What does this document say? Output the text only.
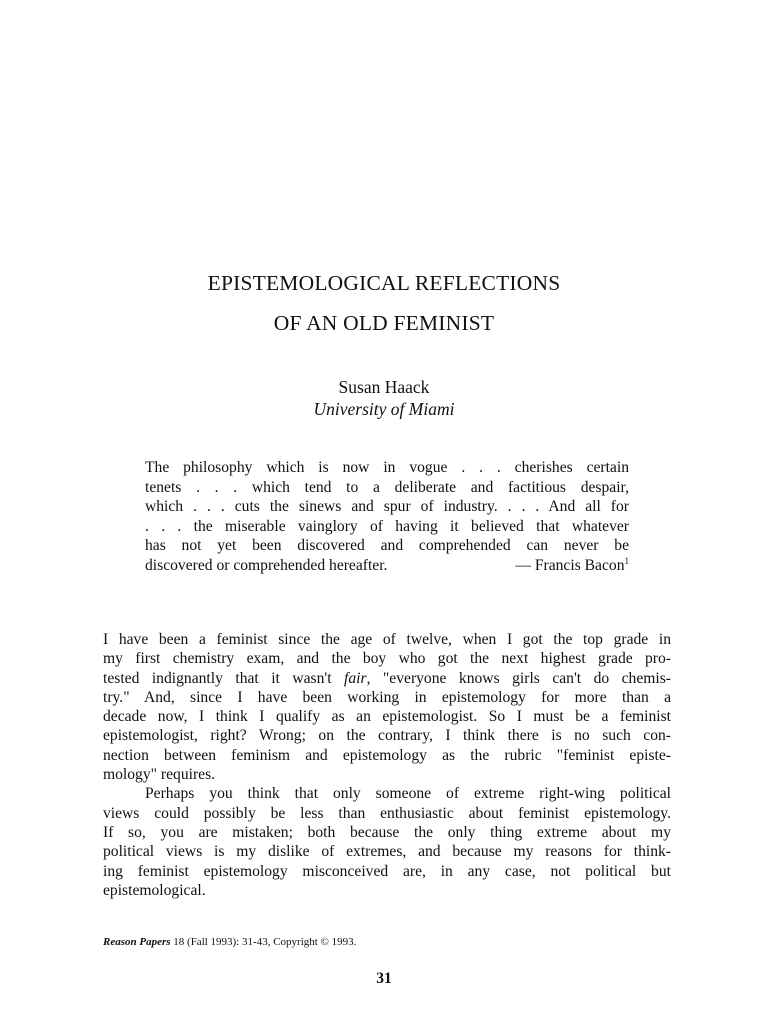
EPISTEMOLOGICAL REFLECTIONS
OF AN OLD FEMINIST
Susan Haack
University of Miami
The philosophy which is now in vogue . . . cherishes certain
tenets . . . which tend to a deliberate and factitious despair,
which . . . cuts the sinews and spur of industry. . . . And all for
. . . the miserable vainglory of having it believed that whatever
has not yet been discovered and comprehended can never be
discovered or comprehended hereafter.	— Francis Bacon$^1$
I have been a feminist since the age of twelve, when I got the top grade in
my first chemistry exam, and the boy who got the next highest grade pro-
tested indignantly that it wasn't fair, "everyone knows girls can't do chemis-
try." And, since I have been working in epistemology for more than a
decade now, I think I qualify as an epistemologist. So I must be a feminist
epistemologist, right? Wrong; on the contrary, I think there is no such con-
nection between feminism and epistemology as the rubric "feminist episte-
mology" requires.
Perhaps you think that only someone of extreme right-wing political
views could possibly be less than enthusiastic about feminist epistemology.
If so, you are mistaken; both because the only thing extreme about my
political views is my dislike of extremes, and because my reasons for think-
ing feminist epistemology misconceived are, in any case, not political but
epistemological.
Reason Papers 18 (Fall 1993): 31-43, Copyright © 1993.
31
